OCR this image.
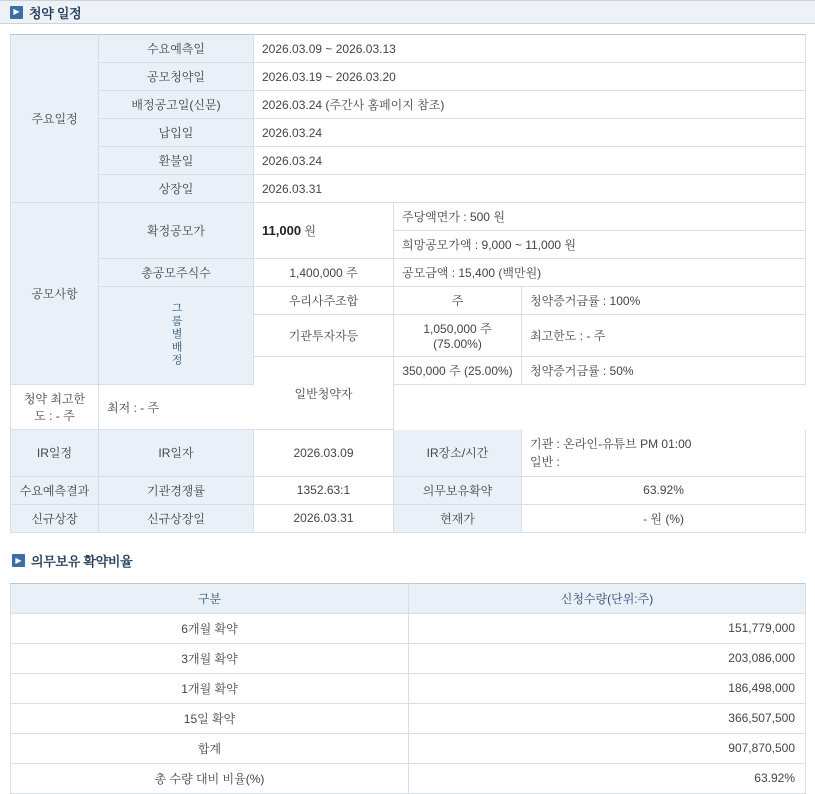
▶ 청약 일정
주요일정	수요예측일	2026.03.09 ~ 2026.03.13		
	공모청약일	2026.03.19 ~ 2026.03.20		
	배정공고일(신문)	2026.03.24 (주간사 홈페이지 참조)		
	납입일	2026.03.24		
	환불일	2026.03.24		
	상장일	2026.03.31		
공모사항	확정공모가	11,000 원	주당액면가 : 500 원	
			희망공모가액 : 9,000 ~ 11,000 원	
	총공모주식수	1,400,000 주	공모금액 : 15,400 (백만원)	
	그룹별배정	우리사주조합	주	청약증거금률 : 100%
		기관투자자등	1,050,000 주 (75.00%)	최고한도 : - 주
		일반청약자	350,000 주 (25.00%)	청약증거금률 : 50%
청약 최고한도 : - 주	최저 : - 주			
IR일정	IR일자	2026.03.09	IR장소/시간	기관 : 온라인-유튜브 PM 01:00
일반 :

수요예측결과	기관경쟁률	1352.63:1	의무보유확약	63.92%
신규상장	신규상장일	2026.03.31	현재가	- 원 (%)
▶ 의무보유 확약비율
구분	신청수량(단위:주)
6개월 확약	151,779,000
3개월 확약	203,086,000
1개월 확약	186,498,000
15일 확약	366,507,500
합계	907,870,500
총 수량 대비 비율(%)	63.92%
